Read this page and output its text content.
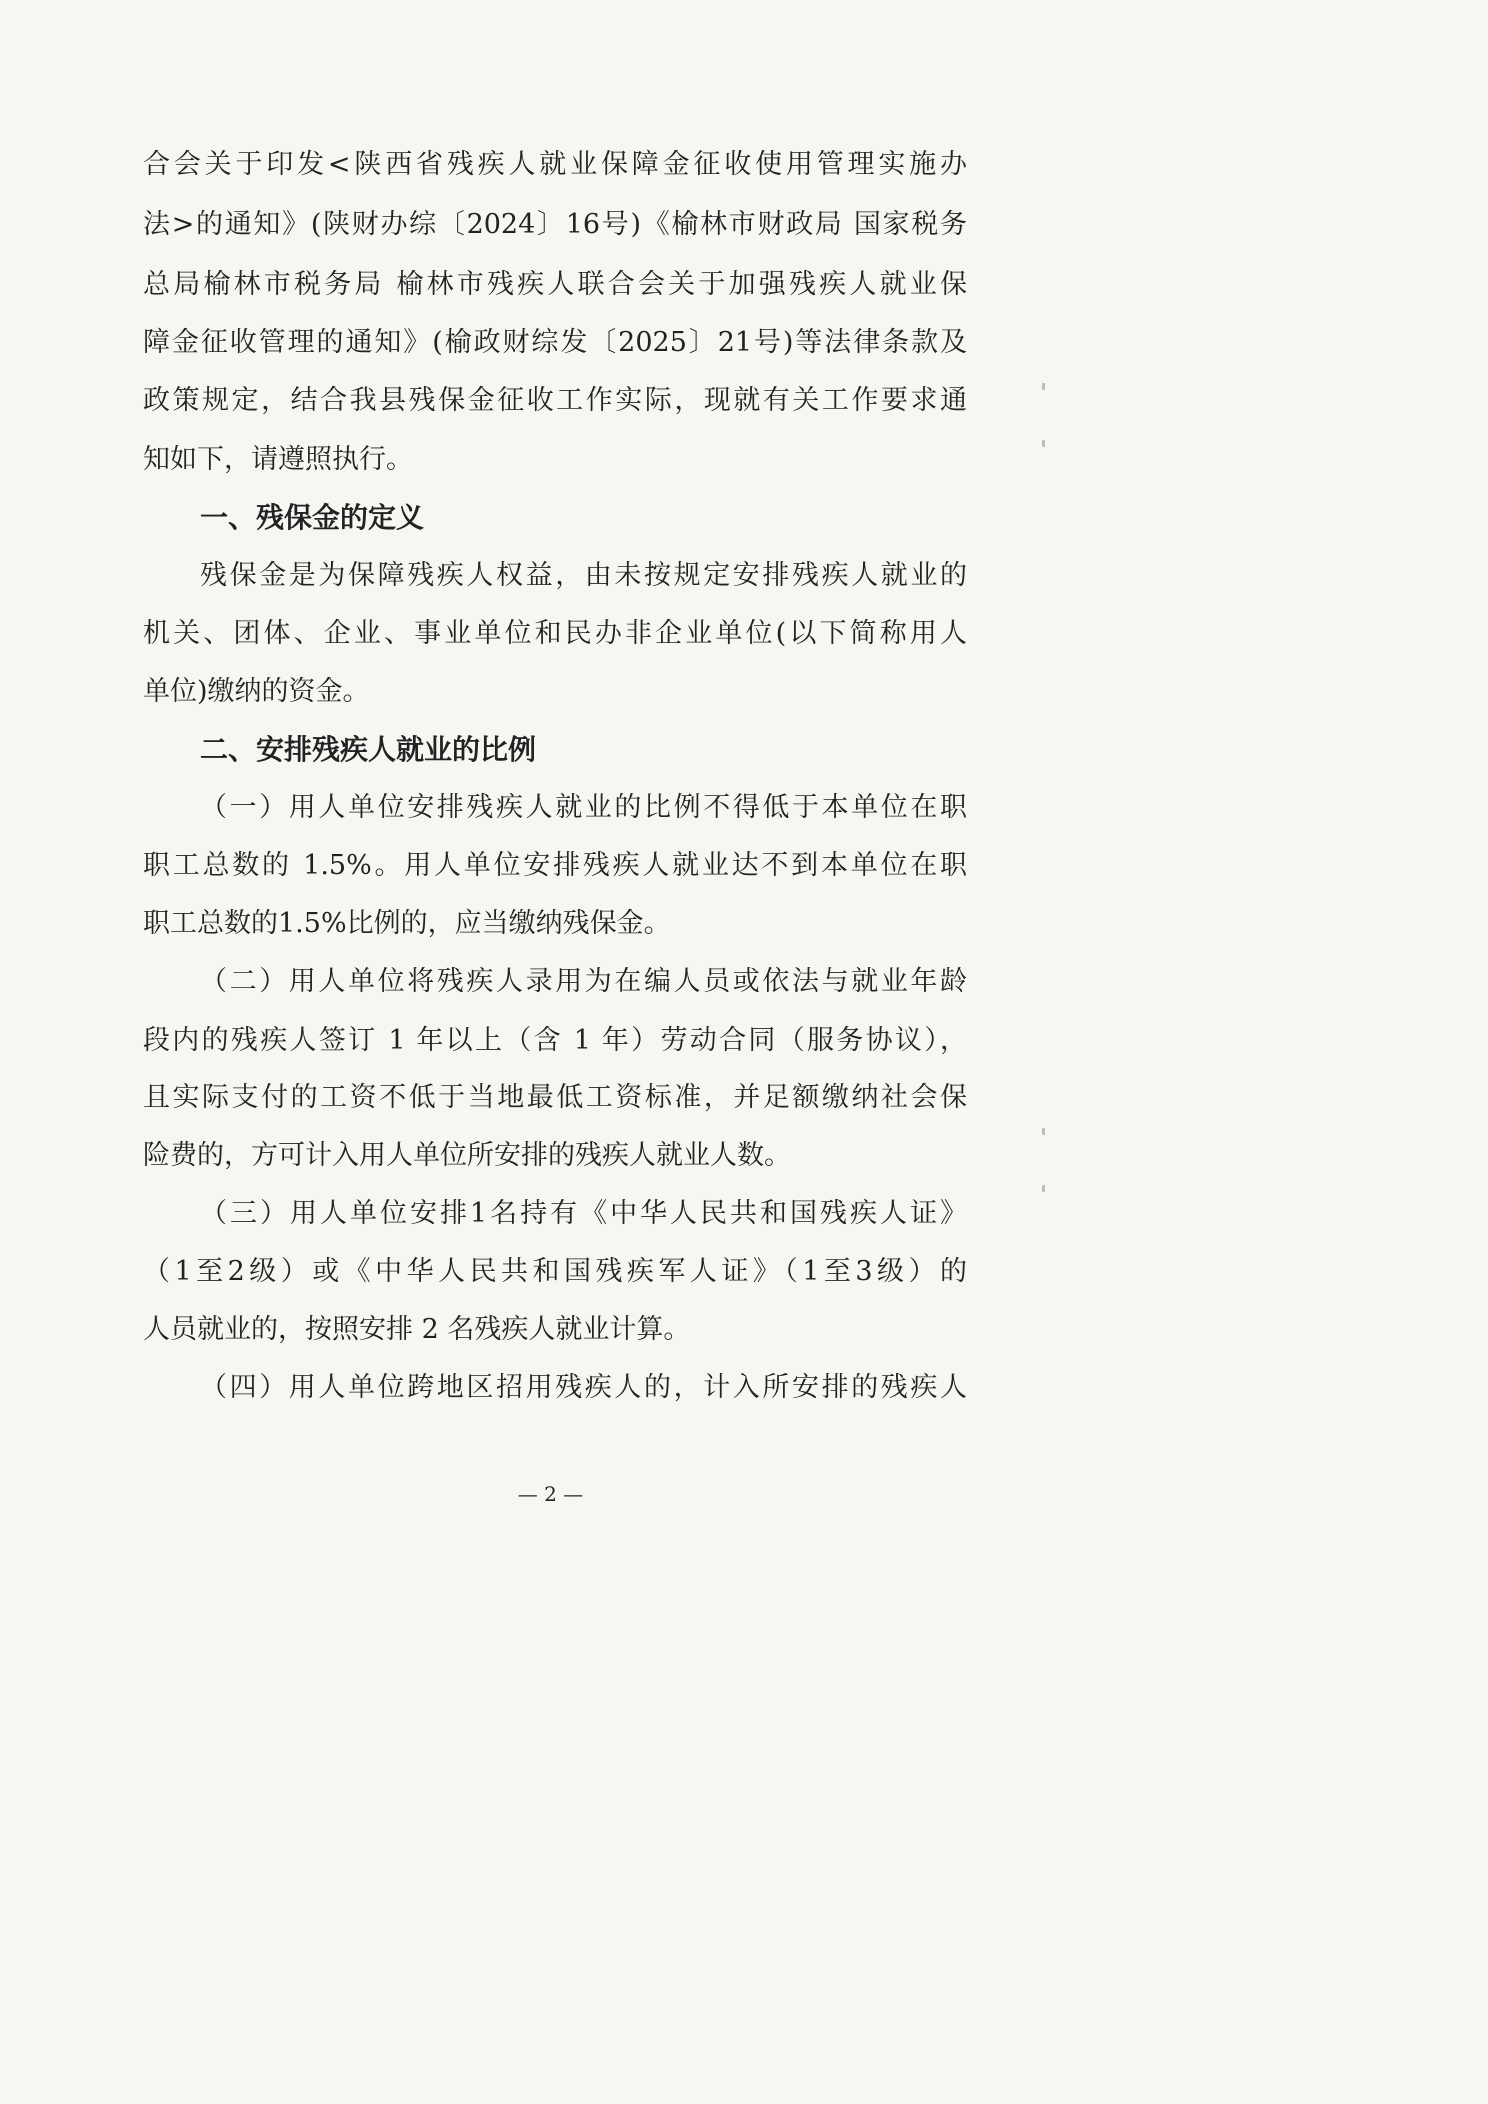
合会关于印发<陕西省残疾人就业保障金征收使用管理实施办
法>的通知》(陕财办综〔2024〕16号)《榆林市财政局 国家税务
总局榆林市税务局 榆林市残疾人联合会关于加强残疾人就业保
障金征收管理的通知》(榆政财综发〔2025〕21号)等法律条款及
政策规定，结合我县残保金征收工作实际，现就有关工作要求通
知如下，请遵照执行。
一、残保金的定义
残保金是为保障残疾人权益，由未按规定安排残疾人就业的
机关、团体、企业、事业单位和民办非企业单位(以下简称用人
单位)缴纳的资金。
二、安排残疾人就业的比例
（一）用人单位安排残疾人就业的比例不得低于本单位在职
职工总数的 1.5%。用人单位安排残疾人就业达不到本单位在职
职工总数的1.5%比例的，应当缴纳残保金。
（二）用人单位将残疾人录用为在编人员或依法与就业年龄
段内的残疾人签订 1 年以上（含 1 年）劳动合同（服务协议），
且实际支付的工资不低于当地最低工资标准，并足额缴纳社会保
险费的，方可计入用人单位所安排的残疾人就业人数。
（三）用人单位安排1名持有《中华人民共和国残疾人证》
（1至2级）或《中华人民共和国残疾军人证》（1至3级）的
人员就业的，按照安排 2 名残疾人就业计算。
（四）用人单位跨地区招用残疾人的，计入所安排的残疾人
— 2 —
